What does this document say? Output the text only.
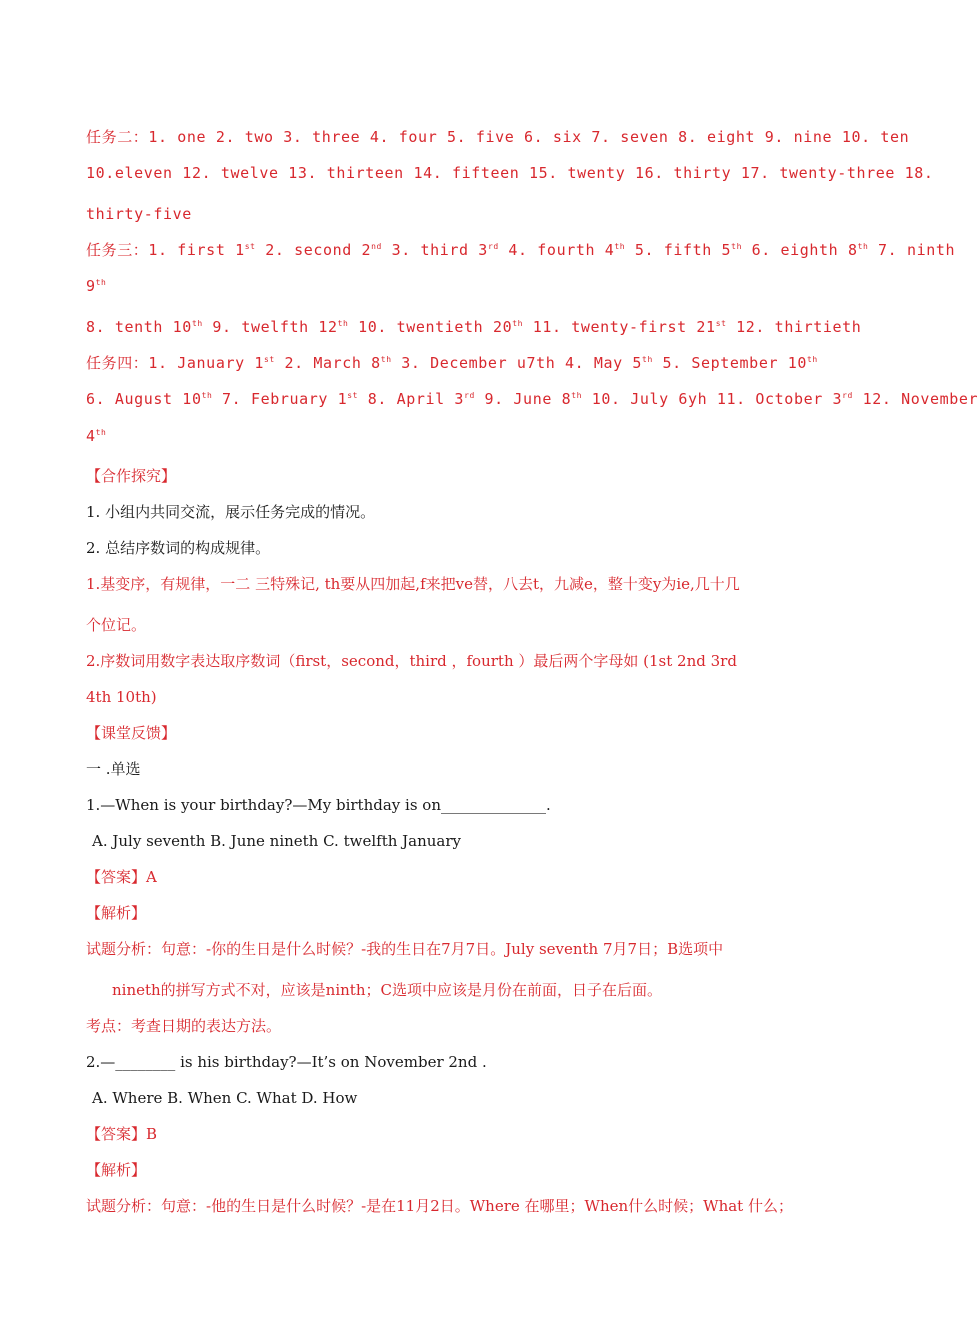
任务二：1. one 2. two 3. three 4. four 5. five 6. six 7. seven 8. eight 9. nine 10. ten
10.eleven 12. twelve 13. thirteen 14. fifteen 15. twenty 16. thirty 17. twenty-three 18.
thirty-five
任务三：1. first 1st 2. second 2nd 3. third 3rd 4. fourth 4th 5. fifth 5th 6. eighth 8th 7. ninth
9th
8. tenth 10th 9. twelfth 12th 10. twentieth 20th 11. twenty-first 21st 12. thirtieth
任务四：1. January 1st 2. March 8th 3. December u7th 4. May 5th 5. September 10th
6. August 10th 7. February 1st 8. April 3rd 9. June 8th 10. July 6yh 11. October 3rd 12. November
4th
【合作探究】
1. 小组内共同交流，展示任务完成的情况。
2. 总结序数词的构成规律。
1.基变序，有规律，一二 三特殊记, th要从四加起,f来把ve替，八去t，九减e，整十变y为ie,几十几
个位记。
2.序数词用数字表达取序数词（first，second，third ，fourth ）最后两个字母如 (1st 2nd 3rd
4th 10th)
【课堂反馈】
一 .单选
1.—When is your birthday?—My birthday is on______________.
A. July seventh B. June nineth C. twelfth January
【答案】A
【解析】
试题分析：句意：-你的生日是什么时候？-我的生日在7月7日。July seventh 7月7日；B选项中
nineth的拼写方式不对，应该是ninth；C选项中应该是月份在前面，日子在后面。
考点：考查日期的表达方法。
2.—________ is his birthday?—It’s on November 2nd .
A. Where B. When C. What D. How
【答案】B
【解析】
试题分析：句意：-他的生日是什么时候？-是在11月2日。Where 在哪里；When什么时候；What 什么；
